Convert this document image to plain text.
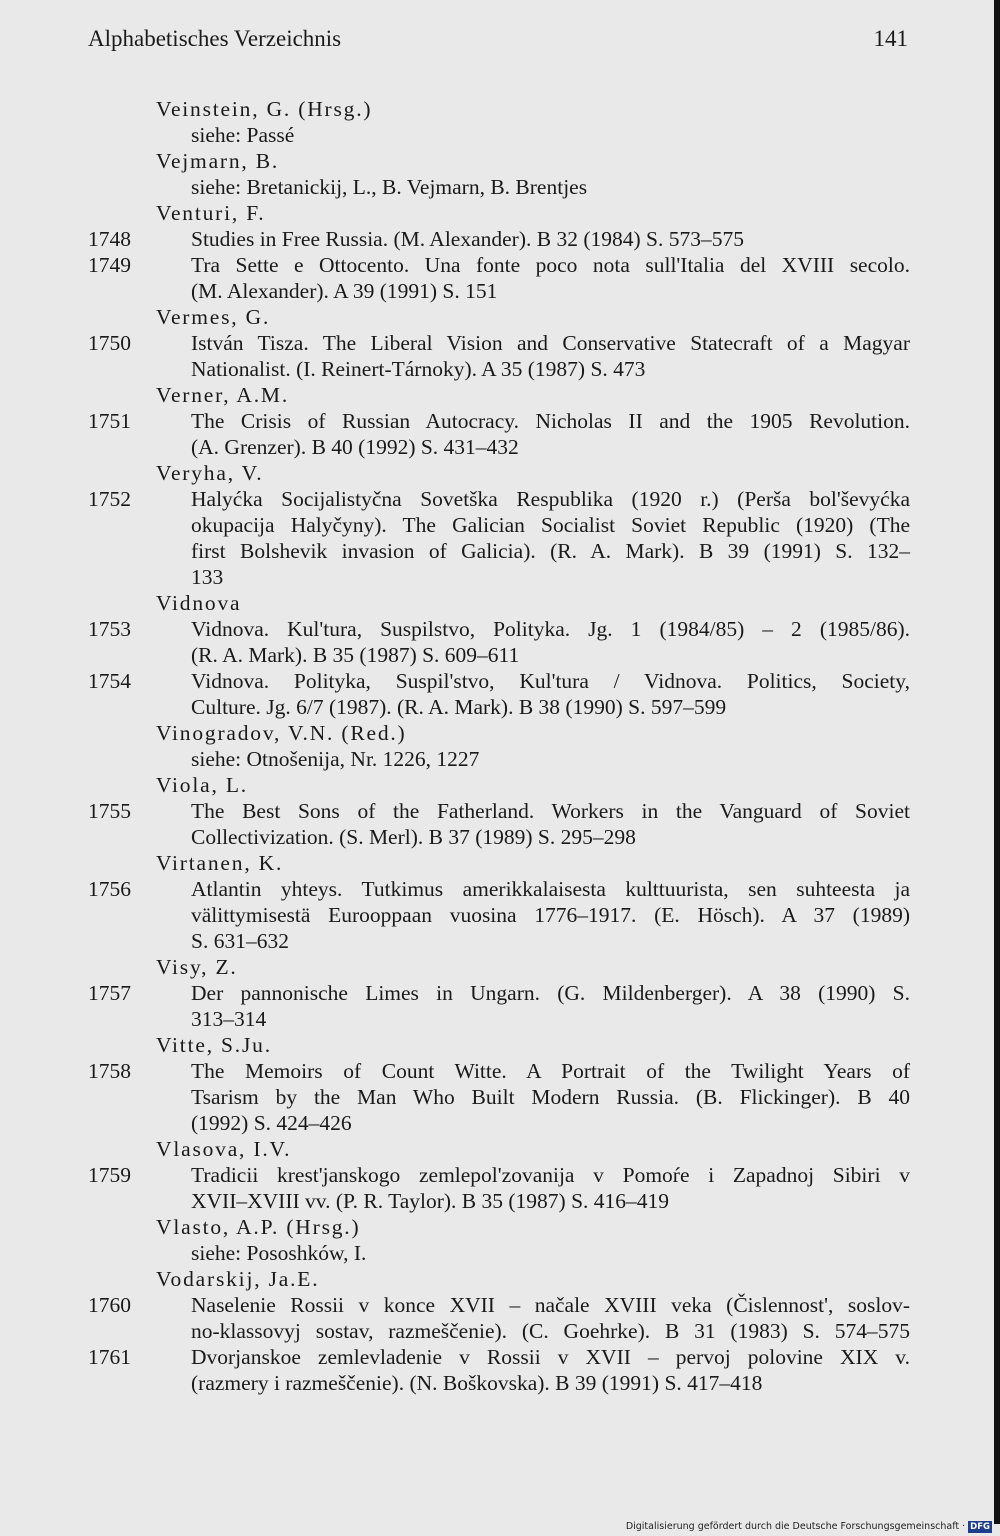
Alphabetisches Verzeichnis	141
Veinstein, G. (Hrsg.)
siehe: Passé
Vejmarn, B.
siehe: Bretanickij, L., B. Vejmarn, B. Brentjes
Venturi, F.
1748	Studies in Free Russia. (M. Alexander). B 32 (1984) S. 573–575
1749	Tra Sette e Ottocento. Una fonte poco nota sull'Italia del XVIII secolo.
(M. Alexander). A 39 (1991) S. 151
Vermes, G.
1750	István Tisza. The Liberal Vision and Conservative Statecraft of a Magyar
Nationalist. (I. Reinert-Tárnoky). A 35 (1987) S. 473
Verner, A.M.
1751	The Crisis of Russian Autocracy. Nicholas II and the 1905 Revolution.
(A. Grenzer). B 40 (1992) S. 431–432
Veryha, V.
1752	Halyćka Socijalistyčna Sovetška Respublika (1920 r.) (Perša bol'ševyćka
okupacija Halyčyny). The Galician Socialist Soviet Republic (1920) (The
first Bolshevik invasion of Galicia). (R. A. Mark). B 39 (1991) S. 132–
133
Vidnova
1753	Vidnova. Kul'tura, Suspilstvo, Polityka. Jg. 1 (1984/85) – 2 (1985/86).
(R. A. Mark). B 35 (1987) S. 609–611
1754	Vidnova. Polityka, Suspil'stvo, Kul'tura / Vidnova. Politics, Society,
Culture. Jg. 6/7 (1987). (R. A. Mark). B 38 (1990) S. 597–599
Vinogradov, V.N. (Red.)
siehe: Otnošenija, Nr. 1226, 1227
Viola, L.
1755	The Best Sons of the Fatherland. Workers in the Vanguard of Soviet
Collectivization. (S. Merl). B 37 (1989) S. 295–298
Virtanen, K.
1756	Atlantin yhteys. Tutkimus amerikkalaisesta kulttuurista, sen suhteesta ja
välittymisestä Eurooppaan vuosina 1776–1917. (E. Hösch). A 37 (1989)
S. 631–632
Visy, Z.
1757	Der pannonische Limes in Ungarn. (G. Mildenberger). A 38 (1990) S.
313–314
Vitte, S.Ju.
1758	The Memoirs of Count Witte. A Portrait of the Twilight Years of
Tsarism by the Man Who Built Modern Russia. (B. Flickinger). B 40
(1992) S. 424–426
Vlasova, I.V.
1759	Tradicii krest'janskogo zemlepol'zovanija v Pomoŕe i Zapadnoj Sibiri v
XVII–XVIII vv. (P. R. Taylor). B 35 (1987) S. 416–419
Vlasto, A.P. (Hrsg.)
siehe: Pososhków, I.
Vodarskij, Ja.E.
1760	Naselenie Rossii v konce XVII – načale XVIII veka (Čislennost', soslov-
no-klassovyj sostav, razmeščenie). (C. Goehrke). B 31 (1983) S. 574–575
1761	Dvorjanskoe zemlevladenie v Rossii v XVII – pervoj polovine XIX v.
(razmery i razmeščenie). (N. Boškovska). B 39 (1991) S. 417–418
Digitalisierung gefördert durch die Deutsche Forschungsgemeinschaft · DFG
